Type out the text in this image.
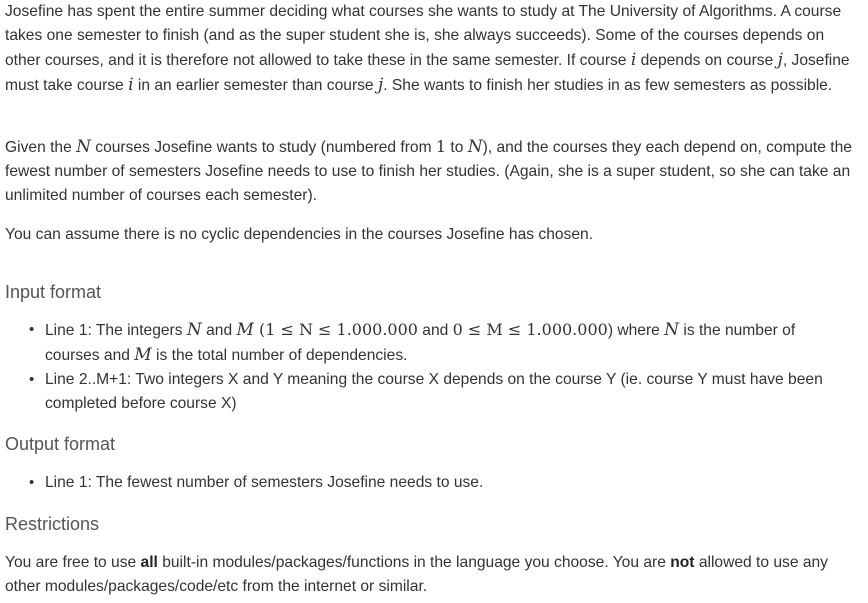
Josefine has spent the entire summer deciding what courses she wants to study at The University of Algorithms. A course takes one semester to finish (and as the super student she is, she always succeeds). Some of the courses depends on other courses, and it is therefore not allowed to take these in the same semester. If course i depends on course j, Josefine must take course i in an earlier semester than course j. She wants to finish her studies in as few semesters as possible.

Given the N courses Josefine wants to study (numbered from 1 to N), and the courses they each depend on, compute the fewest number of semesters Josefine needs to use to finish her studies. (Again, she is a super student, so she can take an unlimited number of courses each semester).

You can assume there is no cyclic dependencies in the courses Josefine has chosen.

Input format
• Line 1: The integers N and M (1 ≤ N ≤ 1.000.000 and 0 ≤ M ≤ 1.000.000) where N is the number of courses and M is the total number of dependencies.
• Line 2..M+1: Two integers X and Y meaning the course X depends on the course Y (ie. course Y must have been completed before course X)
Output format
• Line 1: The fewest number of semesters Josefine needs to use.
Restrictions

You are free to use all built-in modules/packages/functions in the language you choose. You are not allowed to use any other modules/packages/code/etc from the internet or similar.
